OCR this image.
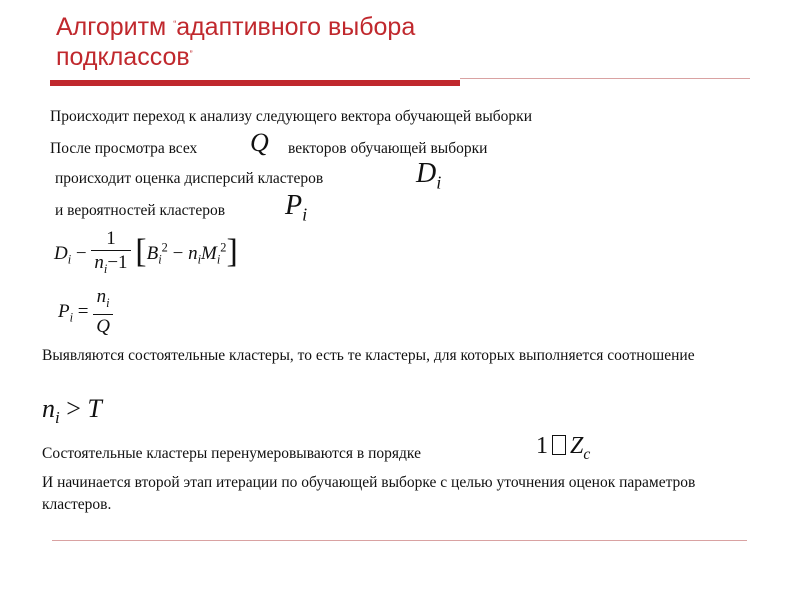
Алгоритм “адаптивного выбора
подклассов”
Происходит переход к анализу следующего вектора обучающей выборки
После просмотра всех Q векторов обучающей выборки
происходит оценка дисперсий кластеров	$D_i$
и вероятностей кластеров $P_i$
$D_i - \frac{1}{n_i-1} [B_i^2 - n_iM_i^2]$
$P_i = \frac{n_i}{Q}$
Выявляются состоятельные кластеры, то есть те кластеры, для которых выполняется соотношение
$n_i > T$
Состоятельные кластеры перенумеровываются в порядке	1 $Z_c$
И начинается второй этап итерации по обучающей выборке с целью уточнения оценок параметров кластеров.
